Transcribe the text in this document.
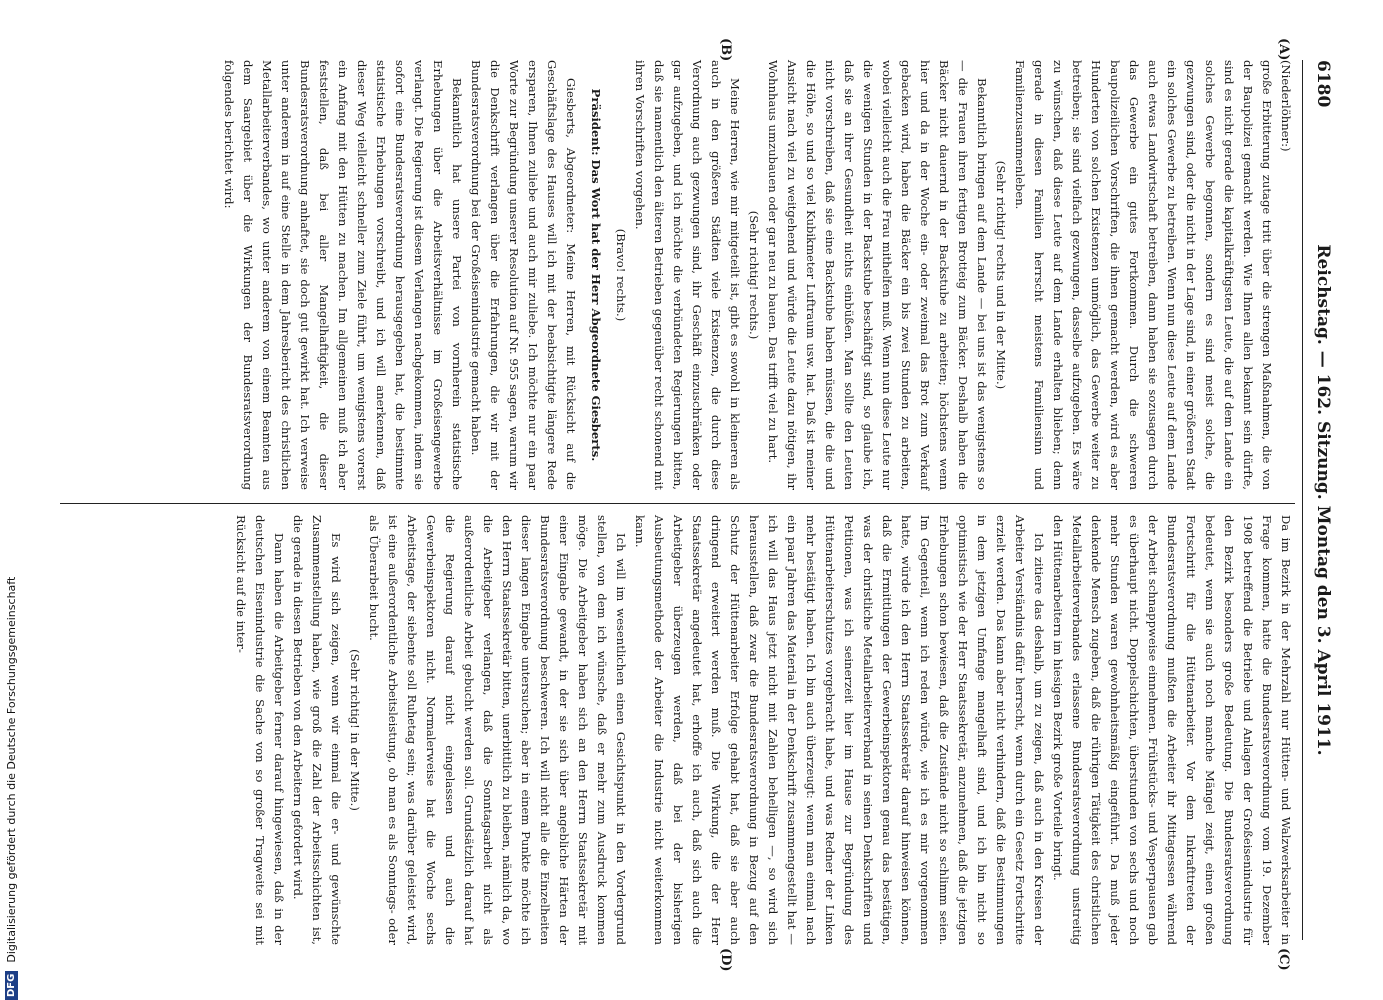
6180
Reichstag. — 162. Sitzung. Montag den 3. April 1911.

(Niederlöhner:)

große Erbitterung zutage tritt über die strengen Maßnahmen, die von der Baupolizei gemacht werden. Wie Ihnen allen bekannt sein dürfte, sind es nicht gerade die kapitalkräftigsten Leute, die auf dem Lande ein solches Gewerbe begonnen, sondern es sind meist solche, die gezwungen sind, oder die nicht in der Lage sind, in einer größeren Stadt ein solches Gewerbe zu betreiben. Wenn nun diese Leute auf dem Lande auch etwas Landwirtschaft betreiben, dann haben sie sozusagen durch das Gewerbe ein gutes Fortkommen. Durch die schweren baupolizeilichen Vorschriften, die ihnen gemacht werden, wird es aber Hunderten von solchen Existenzen unmöglich, das Gewerbe weiter zu betreiben; sie sind vielfach gezwungen, dasselbe aufzugeben. Es wäre zu wünschen, daß diese Leute auf dem Lande erhalten blieben; denn gerade in diesen Familien herrscht meistens Familiensinn und Familienzusammenleben.

(Sehr richtig! rechts und in der Mitte.)

Bekanntlich bringen auf dem Lande — bei uns ist das wenigstens so — die Frauen ihren fertigen Brotteig zum Bäcker. Deshalb haben die Bäcker nicht dauernd in der Backstube zu arbeiten; höchstens wenn hier und da in der Woche ein- oder zweimal das Brot zum Verkauf gebacken wird, haben die Bäcker ein bis zwei Stunden zu arbeiten, wobei vielleicht auch die Frau mithelfen muß. Wenn nun diese Leute nur die wenigen Stunden in der Backstube beschäftigt sind, so glaube ich, daß sie an ihrer Gesundheit nichts einbüßen. Man sollte den Leuten nicht vorschreiben, daß sie eine Backstube haben müssen, die die und die Höhe, so und so viel Kubikmeter Luftraum usw. hat. Daß ist meiner Ansicht nach viel zu weitgehend und würde die Leute dazu nötigen, ihr Wohnhaus umzubauen oder gar neu zu bauen. Das trifft viel zu hart.

(Sehr richtig! rechts.)

Meine Herren, wie mir mitgeteilt ist, gibt es sowohl in kleineren als auch in den größeren Städten viele Existenzen, die durch diese Verordnung auch gezwungen sind, ihr Geschäft einzuschränken oder gar aufzugeben, und ich möchte die verbündeten Regierungen bitten, daß sie namentlich den älteren Betrieben gegenüber recht schonend mit ihren Vorschriften vorgehen.

(Bravo! rechts.)

Präsident: Das Wort hat der Herr Abgeordnete Giesberts.

Giesberts, Abgeordneter: Meine Herren, mit Rücksicht auf die Geschäftslage des Hauses will ich mit der beabsichtigte längere Rede ersparen, Ihnen zuliebe und auch mir zuliebe. Ich möchte nur ein paar Worte zur Begründung unserer Resolution auf Nr. 955 sagen, warum wir die Denkschrift verlangen über die Erfahrungen, die wir mit der Bundesratsverordnung bei der Großeisenindustrie gemacht haben.

Bekanntlich hat unsere Partei von vornherein statistische Erhebungen über die Arbeitsverhältnisse im Großeisengewerbe verlangt. Die Regierung ist diesem Verlangen nachgekommen, indem sie sofort eine Bundesratsverordnung herausgegeben hat, die bestimmte statistische Erhebungen vorschreibt, und ich will anerkennen, daß dieser Weg vielleicht schneller zum Ziele führt, um wenigstens vorerst ein Anfang mit den Hütten zu machen. Im allgemeinen muß ich aber feststellen, daß bei aller Mangelhaftigkeit, die dieser Bundesratsverordnung anhaftet, sie doch gut gewirkt hat. Ich verweise unter anderem in auf eine Stelle in dem Jahresbericht des christlichen Metallarbeiterverbandes, wo unter anderem von einem Beamten aus dem Saargebiet über die Wirkungen der Bundesratsverordnung folgendes berichtet wird:

Da im Bezirk in der Mehrzahl nur Hütten- und Walzwerksarbeiter in Frage kommen, hatte die Bundesratsverordnung vom 19. Dezember 1908 betreffend die Betriebe und Anlagen der Großeisenindustrie für den Bezirk besonders große Bedeutung. Die Bundesratsverordnung bedeutet, wenn sie auch noch manche Mängel zeigt, einen großen Fortschritt für die Hüttenarbeiter. Vor dem Inkrafttreten der Bundesratsverordnung mußten die Arbeiter ihr Mittagessen während der Arbeit schnappweise einnehmen. Frühstücks- und Vesperpausen gab es überhaupt nicht. Doppelschichten, überstunden von sechs und noch mehr Stunden waren gewohnheitsmäßig eingeführt. Da muß jeder denkende Mensch zugeben, daß die rührigen Tätigkeit des christlichen Metallarbeiterverbandes erlassene Bundesratsverordnung unstreitig den Hüttenarbeitern im hiesigen Bezirk große Vorteile bringt.

Ich zitiere das deshalb, um zu zeigen, daß auch in den Kreisen der Arbeiter Verständnis dafür herrscht, wenn durch ein Gesetz Fortschritte erzielt werden. Das kann aber nicht verhindern, daß die Bestimmungen in dem jetzigen Umfange mangelhaft sind, und ich bin nicht so optimistisch wie der Herr Staatssekretär, anzunehmen, daß die jetzigen Erhebungen schon bewiesen, daß die Zustände nicht so schlimm seien. Im Gegenteil, wenn ich reden würde, wie ich es mir vorgenommen hatte, würde ich den Herrn Staatssekretär darauf hinweisen können, daß die Ermittlungen der Gewerbeinspektoren genau das bestätigen, was der christliche Metallarbeiterverband in seinen Denkschriften und Petitionen, was ich seinerzeit hier im Hause zur Begründung des Hüttenarbeiterschutzes vorgebracht habe, und was Redner der Linken mehr bestätigt haben. Ich bin auch überzeugt: wenn man einmal nach ein paar Jahren das Material in der Denkschrift zusammengestellt hat — ich will das Haus jetzt nicht mit Zahlen behelligen —, so wird sich herausstellen, daß zwar die Bundesratsverordnung in Bezug auf den Schutz der Hüttenarbeiter Erfolge gehabt hat, daß sie aber auch dringend erweitert werden muß. Die Wirkung, die der Herr Staatssekretär angedeutet hat, erhoffe ich auch, daß sich auch die Arbeitgeber überzeugen werden, daß bei der bisherigen Ausbeutungsmethode der Arbeiter die Industrie nicht weiterkommen kann.

Ich will im wesentlichen einen Gesichtspunkt in den Vordergrund stellen, von dem ich wünsche, daß er mehr zum Ausdruck kommen möge. Die Arbeitgeber haben sich an den Herrn Staatssekretär mit einer Eingabe gewandt, in der sie sich über angebliche Härten der Bundesratsverordnung beschweren. Ich will nicht alle die Einzelheiten dieser langen Eingabe untersuchen; aber in einem Punkte möchte ich den Herrn Staatssekretär bitten, unerbittlich zu bleiben, nämlich da, wo die Arbeitgeber verlangen, daß die Sonntagsarbeit nicht als außerordentliche Arbeit gebucht werden soll. Grundsätzlich darauf hat die Regierung darauf nicht eingelassen und auch die Gewerbeinspektoren nicht. Normalerweise hat die Woche sechs Arbeitstage, der siebente soll Ruhetag sein; was darüber geleistet wird, ist eine außerordentliche Arbeitsleistung, ob man es als Sonntags- oder als Überarbeit bucht.

(Sehr richtig! in der Mitte.)

Es wird sich zeigen, wenn wir einmal die er- und gewünschte Zusammenstellung haben, wie groß die Zahl der Arbeitsschichten ist, die gerade in diesen Betrieben von den Arbeitern gefordert wird.

Dann haben die Arbeitgeber ferner darauf hingewiesen, daß in der deutschen Eisenindustrie die Sache von so großer Tragweite sei mit Rücksicht auf die inter-

(A)
(B)
(C)
(D)
DFG
Digitalisierung gefördert durch die Deutsche Forschungsgemeinschaft
